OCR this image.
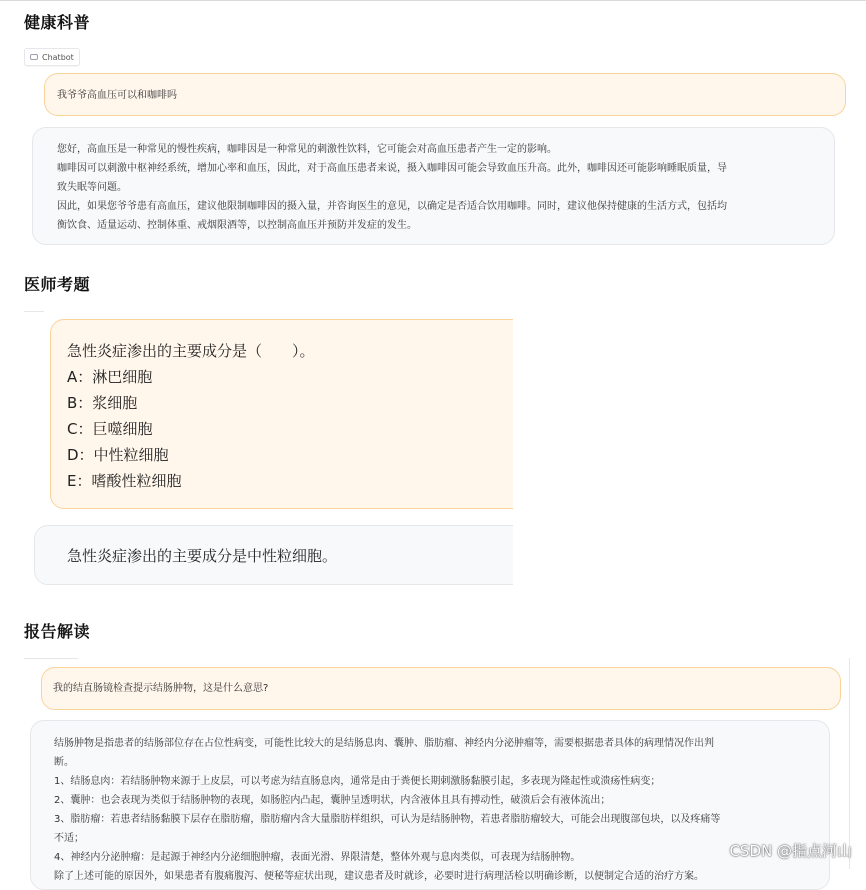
健康科普
Chatbot
我爷爷高血压可以和咖啡吗
您好，高血压是一种常见的慢性疾病，咖啡因是一种常见的刺激性饮料，它可能会对高血压患者产生一定的影响。
咖啡因可以刺激中枢神经系统，增加心率和血压，因此，对于高血压患者来说，摄入咖啡因可能会导致血压升高。此外，咖啡因还可能影响睡眠质量，导
致失眠等问题。
因此，如果您爷爷患有高血压，建议他限制咖啡因的摄入量，并咨询医生的意见，以确定是否适合饮用咖啡。同时，建议他保持健康的生活方式，包括均
衡饮食、适量运动、控制体重、戒烟限酒等，以控制高血压并预防并发症的发生。
医师考题
急性炎症渗出的主要成分是（　　）。
A：淋巴细胞
B：浆细胞
C：巨噬细胞
D：中性粒细胞
E：嗜酸性粒细胞
急性炎症渗出的主要成分是中性粒细胞。
报告解读
我的结直肠镜检查提示结肠肿物，这是什么意思?
结肠肿物是指患者的结肠部位存在占位性病变，可能性比较大的是结肠息肉、囊肿、脂肪瘤、神经内分泌肿瘤等，需要根据患者具体的病理情况作出判
断。
1、结肠息肉：若结肠肿物来源于上皮层，可以考虑为结直肠息肉，通常是由于粪便长期刺激肠黏膜引起，多表现为隆起性或溃疡性病变；
2、囊肿：也会表现为类似于结肠肿物的表现，如肠腔内凸起，囊肿呈透明状，内含液体且具有搏动性，破溃后会有液体流出；
3、脂肪瘤：若患者结肠黏膜下层存在脂肪瘤，脂肪瘤内含大量脂肪样组织，可认为是结肠肿物，若患者脂肪瘤较大，可能会出现腹部包块，以及疼痛等
不适；
4、神经内分泌肿瘤：是起源于神经内分泌细胞肿瘤，表面光滑、界限清楚，整体外观与息肉类似，可表现为结肠肿物。
除了上述可能的原因外，如果患者有腹痛腹泻、便秘等症状出现，建议患者及时就诊，必要时进行病理活检以明确诊断，以便制定合适的治疗方案。
CSDN @指点河山
